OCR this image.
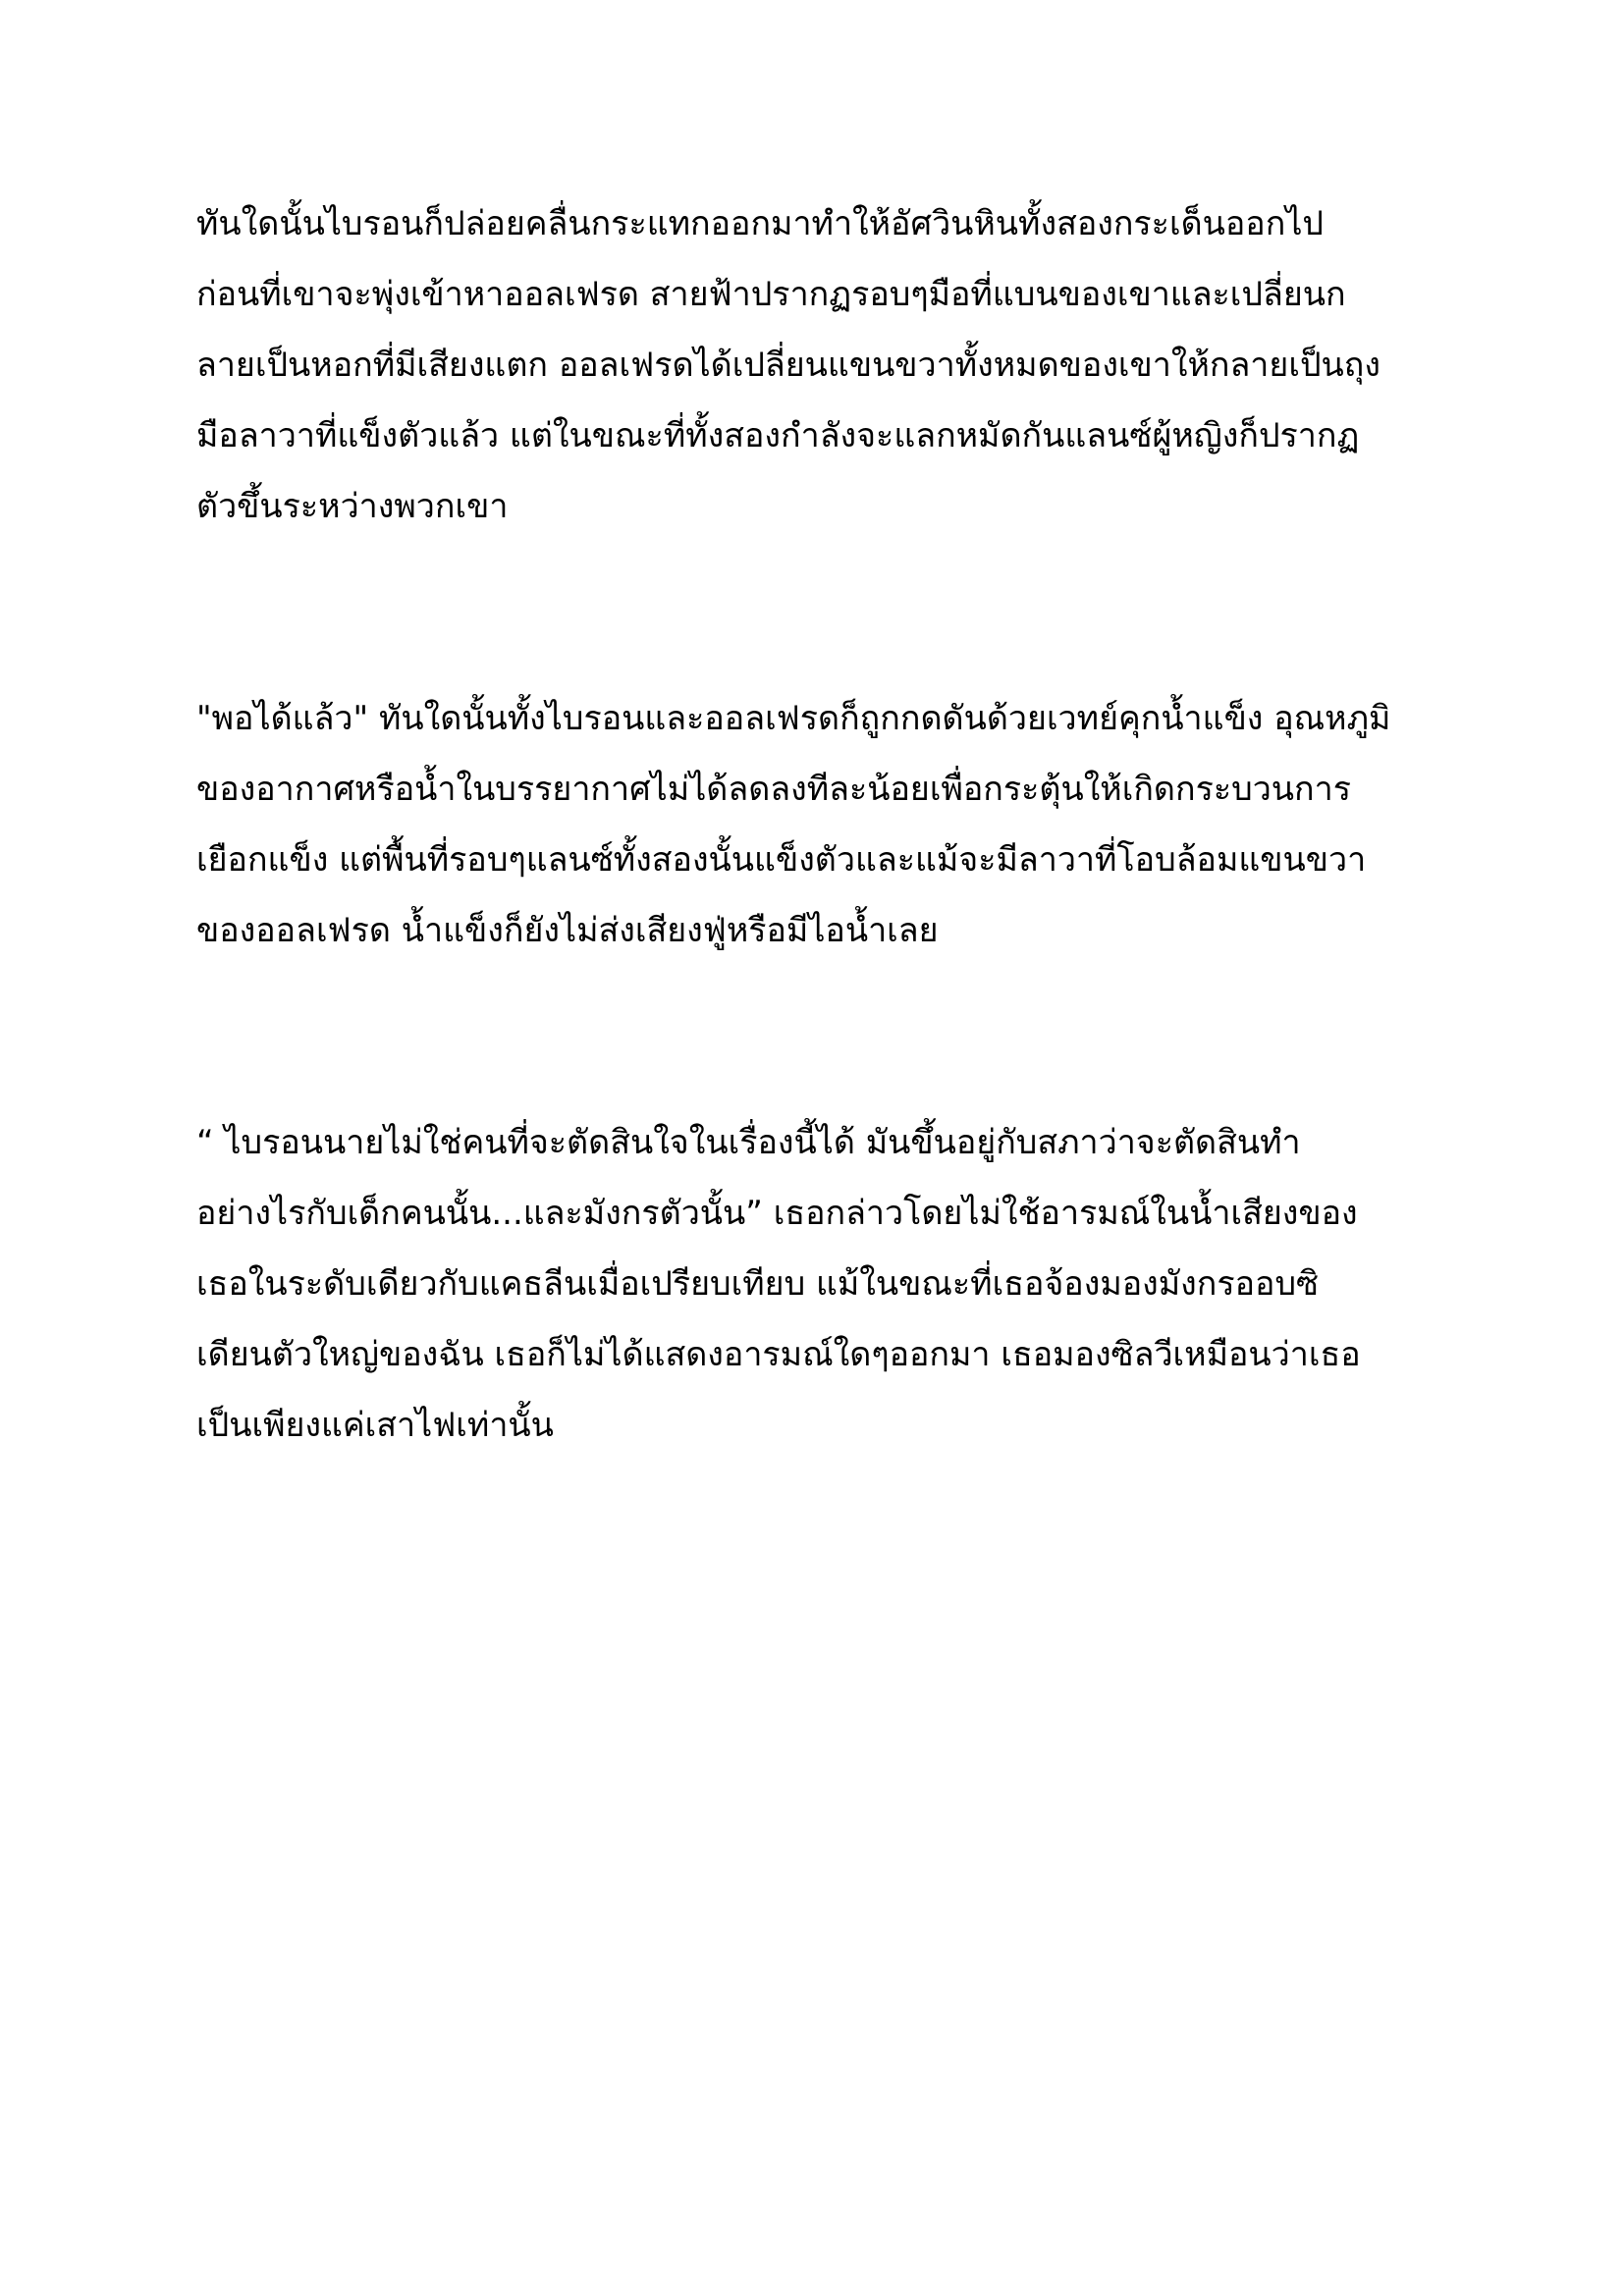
ทันใดนั้นไบรอนก็ปล่อยคลื่นกระแทกออกมาทำให้อัศวินหินทั้งสองกระเด็นออกไป
ก่อนที่เขาจะพุ่งเข้าหาออลเฟรด สายฟ้าปรากฏรอบๆมือที่แบนของเขาและเปลี่ยนก
ลายเป็นหอกที่มีเสียงแตก ออลเฟรดได้เปลี่ยนแขนขวาทั้งหมดของเขาให้กลายเป็นถุง
มือลาวาที่แข็งตัวแล้ว แต่ในขณะที่ทั้งสองกำลังจะแลกหมัดกันแลนซ์ผู้หญิงก็ปรากฏ
ตัวขึ้นระหว่างพวกเขา
"พอได้แล้ว" ทันใดนั้นทั้งไบรอนและออลเฟรดก็ถูกกดดันด้วยเวทย์คุกน้ำแข็ง อุณหภูมิ
ของอากาศหรือน้ำในบรรยากาศไม่ได้ลดลงทีละน้อยเพื่อกระตุ้นให้เกิดกระบวนการ
เยือกแข็ง แต่พื้นที่รอบๆแลนซ์ทั้งสองนั้นแข็งตัวและแม้จะมีลาวาที่โอบล้อมแขนขวา
ของออลเฟรด น้ำแข็งก็ยังไม่ส่งเสียงฟู่หรือมีไอน้ำเลย
“ ไบรอนนายไม่ใช่คนที่จะตัดสินใจในเรื่องนี้ได้ มันขึ้นอยู่กับสภาว่าจะตัดสินทำ
อย่างไรกับเด็กคนนั้น...และมังกรตัวนั้น” เธอกล่าวโดยไม่ใช้อารมณ์ในน้ำเสียงของ
เธอในระดับเดียวกับแคธลีนเมื่อเปรียบเทียบ แม้ในขณะที่เธอจ้องมองมังกรออบซิ
เดียนตัวใหญ่ของฉัน เธอก็ไม่ได้แสดงอารมณ์ใดๆออกมา เธอมองซิลวีเหมือนว่าเธอ
เป็นเพียงแค่เสาไฟเท่านั้น
